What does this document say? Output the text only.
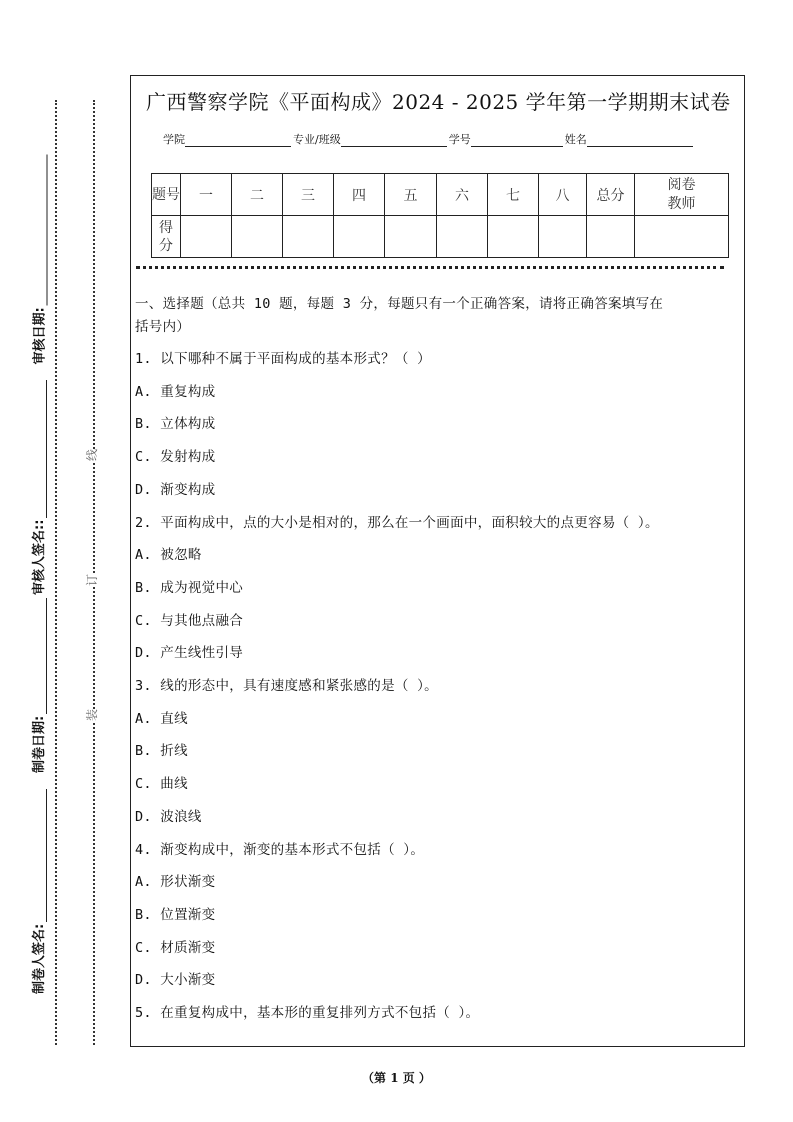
审核日期:
审核人签名::
制卷日期:
制卷人签名:
线
订
装
广西警察学院《平面构成》2024 - 2025 学年第一学期期末试卷
学院	专业/班级	学号	姓名
题号	一	二	三	四	五	六	七	八	总分	阅卷教师
得分										
一、选择题（总共 10 题，每题 3 分，每题只有一个正确答案，请将正确答案填写在
括号内）
1. 以下哪种不属于平面构成的基本形式？（ ）
A. 重复构成
B. 立体构成
C. 发射构成
D. 渐变构成
2. 平面构成中，点的大小是相对的，那么在一个画面中，面积较大的点更容易（ ）。
A. 被忽略
B. 成为视觉中心
C. 与其他点融合
D. 产生线性引导
3. 线的形态中，具有速度感和紧张感的是（ ）。
A. 直线
B. 折线
C. 曲线
D. 波浪线
4. 渐变构成中，渐变的基本形式不包括（ ）。
A. 形状渐变
B. 位置渐变
C. 材质渐变
D. 大小渐变
5. 在重复构成中，基本形的重复排列方式不包括（ ）。
（第 1 页 ）
